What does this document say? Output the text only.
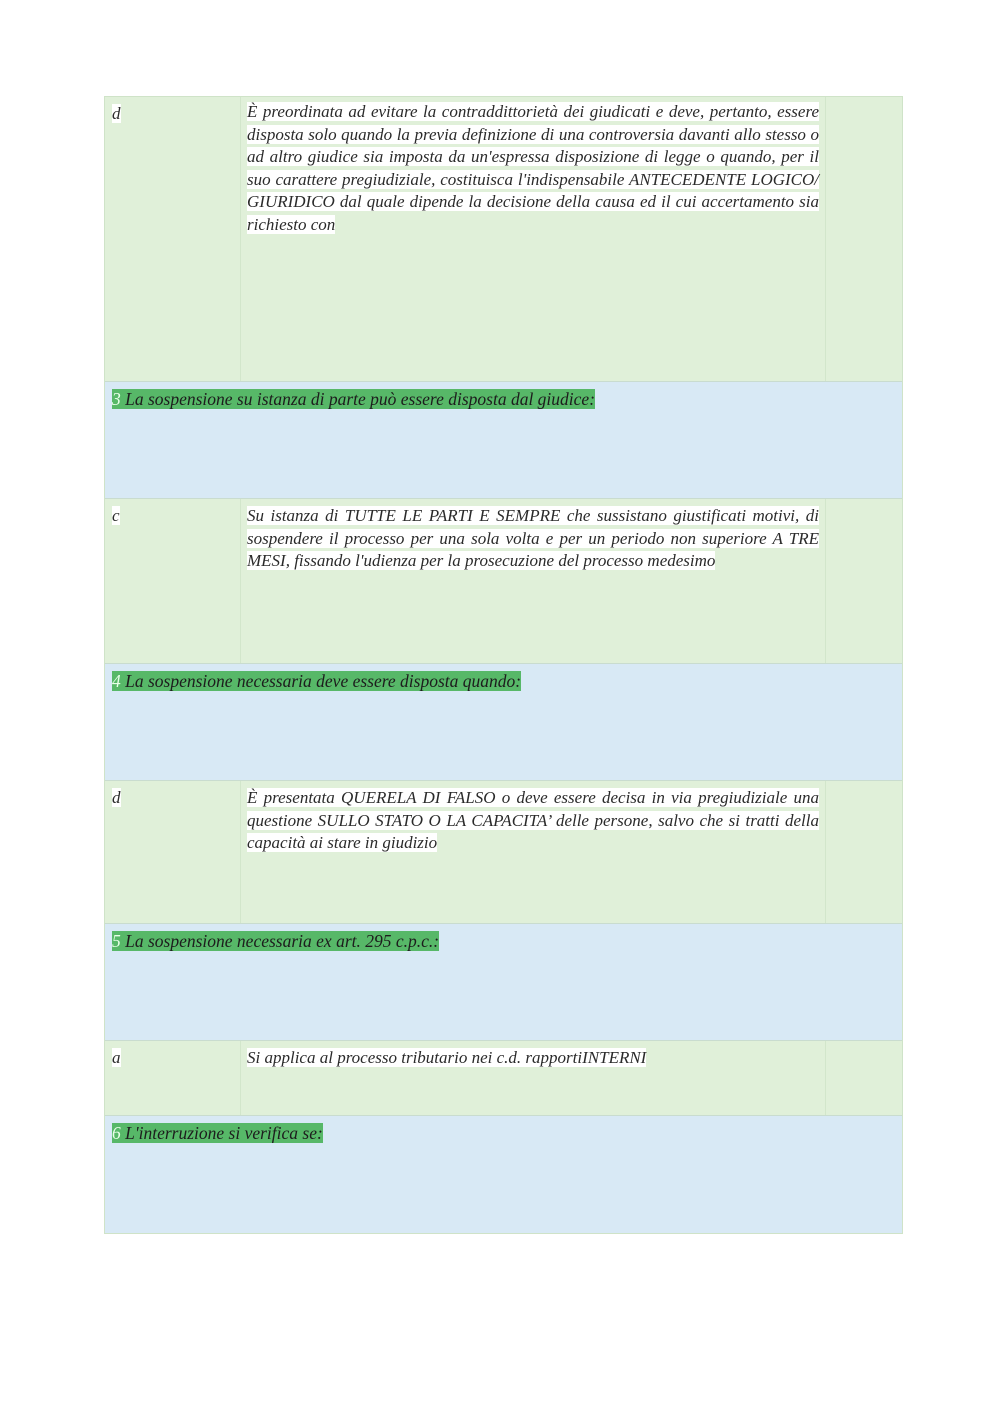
d	È preordinata ad evitare la contraddittorietà dei giudicati e deve, pertanto, essere disposta solo quando la previa definizione di una controversia davanti allo stesso o ad altro giudice sia imposta da un'espressa disposizione di legge o quando, per il suo carattere pregiudiziale, costituisca l'indispensabile ANTECEDENTE LOGICO/ GIURIDICO dal quale dipende la decisione della causa ed il cui accertamento sia richiesto con
3 La sospensione su istanza di parte può essere disposta dal giudice:
c	Su istanza di TUTTE LE PARTI E SEMPRE che sussistano giustificati motivi, di sospendere il processo per una sola volta e per un periodo non superiore A TRE MESI, fissando l'udienza per la prosecuzione del processo medesimo
4 La sospensione necessaria deve essere disposta quando:
d	È presentata QUERELA DI FALSO o deve essere decisa in via pregiudiziale una questione SULLO STATO O LA CAPACITA’ delle persone, salvo che si tratti della capacità ai stare in giudizio
5 La sospensione necessaria ex art. 295 c.p.c.:
a	Si applica al processo tributario nei c.d. rapportiINTERNI
6 L'interruzione si verifica se:
